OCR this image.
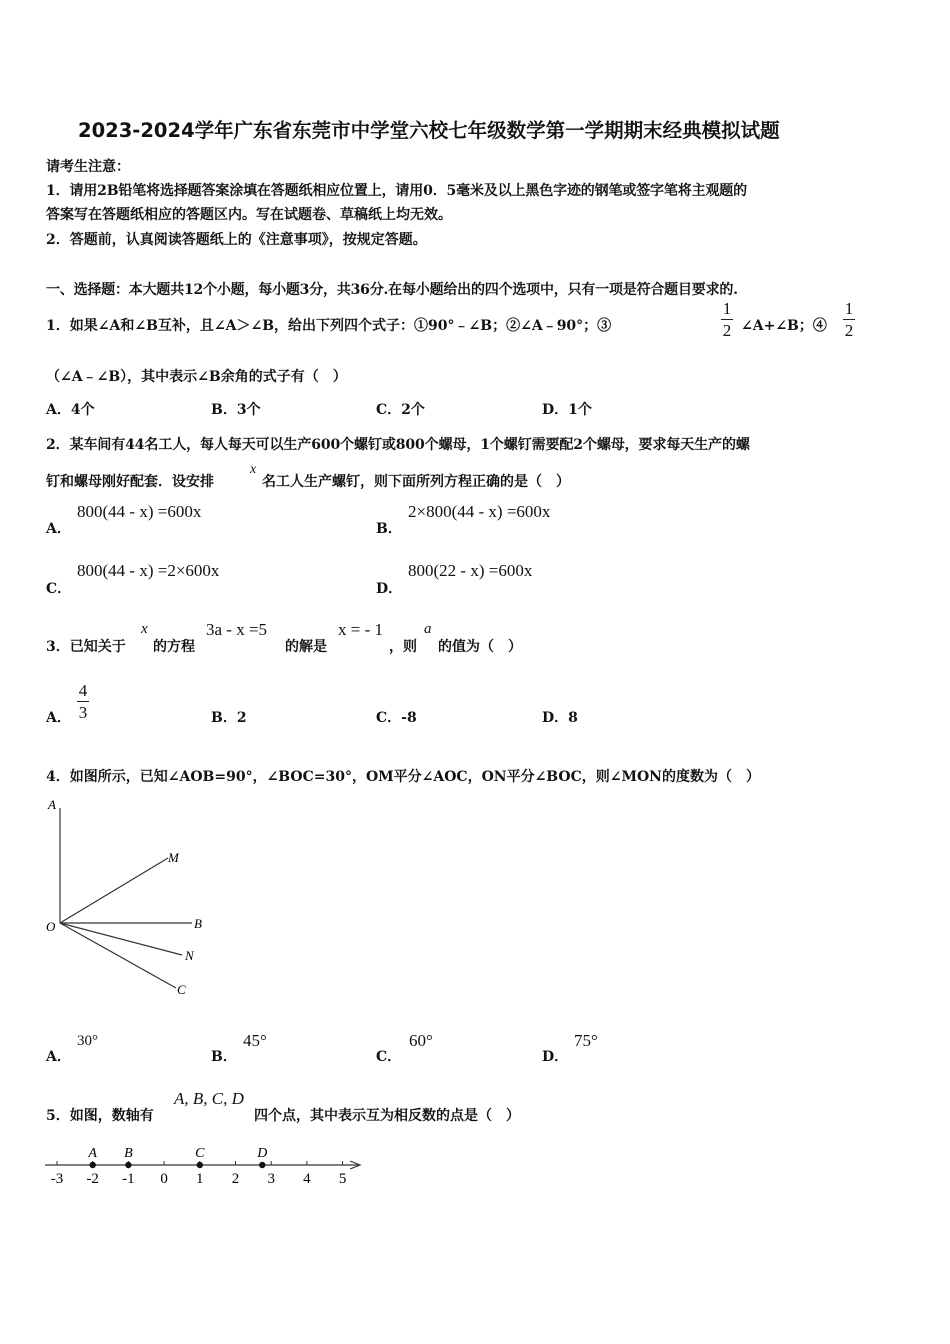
2023-2024学年广东省东莞市中学堂六校七年级数学第一学期期末经典模拟试题
请考生注意：
1．请用2B铅笔将选择题答案涂填在答题纸相应位置上，请用0．5毫米及以上黑色字迹的钢笔或签字笔将主观题的
答案写在答题纸相应的答题区内。写在试题卷、草稿纸上均无效。
2．答题前，认真阅读答题纸上的《注意事项》，按规定答题。
一、选择题：本大题共12个小题，每小题3分，共36分.在每小题给出的四个选项中，只有一项是符合题目要求的.
1．如果∠A和∠B互补，且∠A＞∠B，给出下列四个式子：①90°﹣∠B；②∠A﹣90°；③
1
2 ∠A+∠B；④
1
2
（∠A﹣∠B），其中表示∠B余角的式子有（　）
A．4个	B．3个	C．2个	D．1个
2．某车间有44名工人，每人每天可以生产600个螺钉或800个螺母，1个螺钉需要配2个螺母，要求每天生产的螺
钉和螺母刚好配套．设安排
x
名工人生产螺钉，则下面所列方程正确的是（　）
A．
800(44 - x) =600x
B．
2×800(44 - x) =600x
C．
800(44 - x) =2×600x
D．
800(22 - x) =600x
3．已知关于
x
的方程
3a - x =5
的解是
x = - 1
，则
a
的值为（　）
A．
4
3	B．2	C．-8	D．8
4．如图所示，已知∠AOB=90°，∠BOC=30°，OM平分∠AOC，ON平分∠BOC，则∠MON的度数为（　）
A
M
O	B
N
C
A．
30°
B．
45°
C．
60°
D．
75°
5．如图，数轴有
A, B, C, D
四个点，其中表示互为相反数的点是（　）
-3 -2 -1 0 1 2 3 4 5
A B	C	D
